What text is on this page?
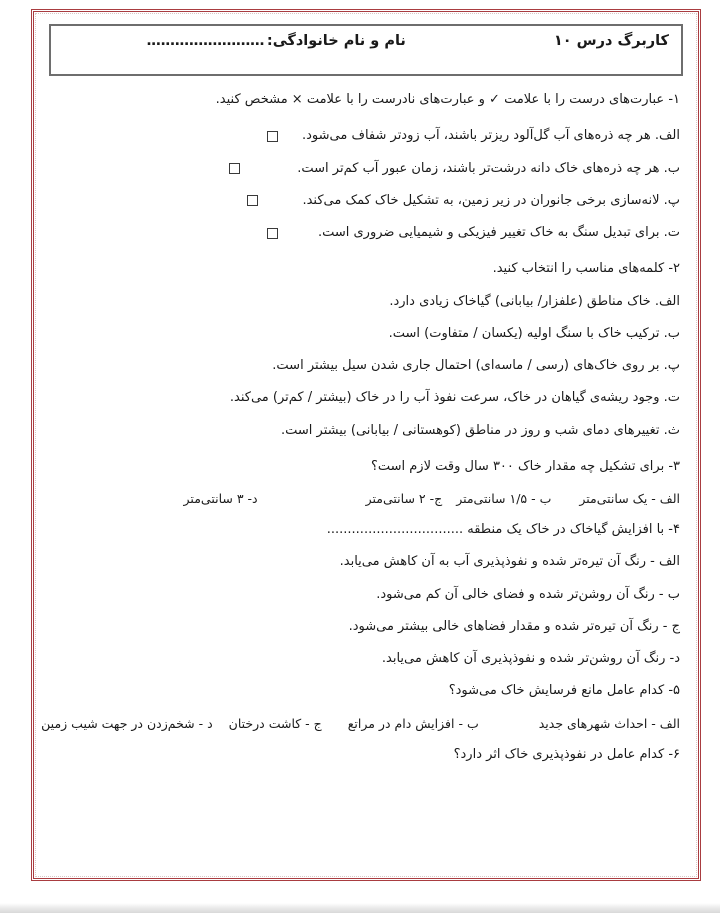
کاربرگ درس ۱۰
نام و نام خانوادگی:
.........................
۱- عبارت‌های درست را با علامت ✓ و عبارت‌های نادرست را با علامت × مشخص کنید.
الف. هر چه ذره‌های آب گل‌آلود ریزتر باشند، آب زودتر شفاف می‌شود.
ب. هر چه ذره‌های خاک دانه درشت‌تر باشند، زمان عبور آب کم‌تر است.
پ. لانه‌سازی برخی جانوران در زیر زمین، به تشکیل خاک کمک می‌کند.
ت. برای تبدیل سنگ به خاک تغییر فیزیکی و شیمیایی ضروری است.
۲- کلمه‌های مناسب را انتخاب کنید.
الف. خاک مناطق (علفزار/ بیابانی) گیاخاک زیادی دارد.
ب. ترکیب خاک با سنگ اولیه (یکسان / متفاوت) است.
پ. بر روی خاک‌های (رسی / ماسه‌ای) احتمال جاری شدن سیل بیشتر است.
ت. وجود ریشه‌ی گیاهان در خاک، سرعت نفوذ آب را در خاک (بیشتر / کم‌تر) می‌کند.
ث. تغییرهای دمای شب و روز در مناطق (کوهستانی / بیابانی) بیشتر است.
۳- برای تشکیل چه مقدار خاک ۳۰۰ سال وقت لازم است؟
الف - یک سانتی‌متر
ب - ۱/۵ سانتی‌متر
ج- ۲ سانتی‌متر
د- ۳ سانتی‌متر
۴- با افزایش گیاخاک در خاک یک منطقه .................................
الف - رنگ آن تیره‌تر شده و نفوذپذیری آب به آن کاهش می‌یابد.
ب - رنگ آن روشن‌تر شده و فضای خالی آن کم می‌شود.
ج - رنگ آن تیره‌تر شده و مقدار فضاهای خالی بیشتر می‌شود.
د- رنگ آن روشن‌تر شده و نفوذپذیری آن کاهش می‌یابد.
۵- کدام عامل مانع فرسایش خاک می‌شود؟
الف - احداث شهرهای جدید
ب - افزایش دام در مراتع
ج - کاشت درختان
د - شخم‌زدن در جهت شیب زمین
۶- کدام عامل در نفوذپذیری خاک اثر دارد؟
